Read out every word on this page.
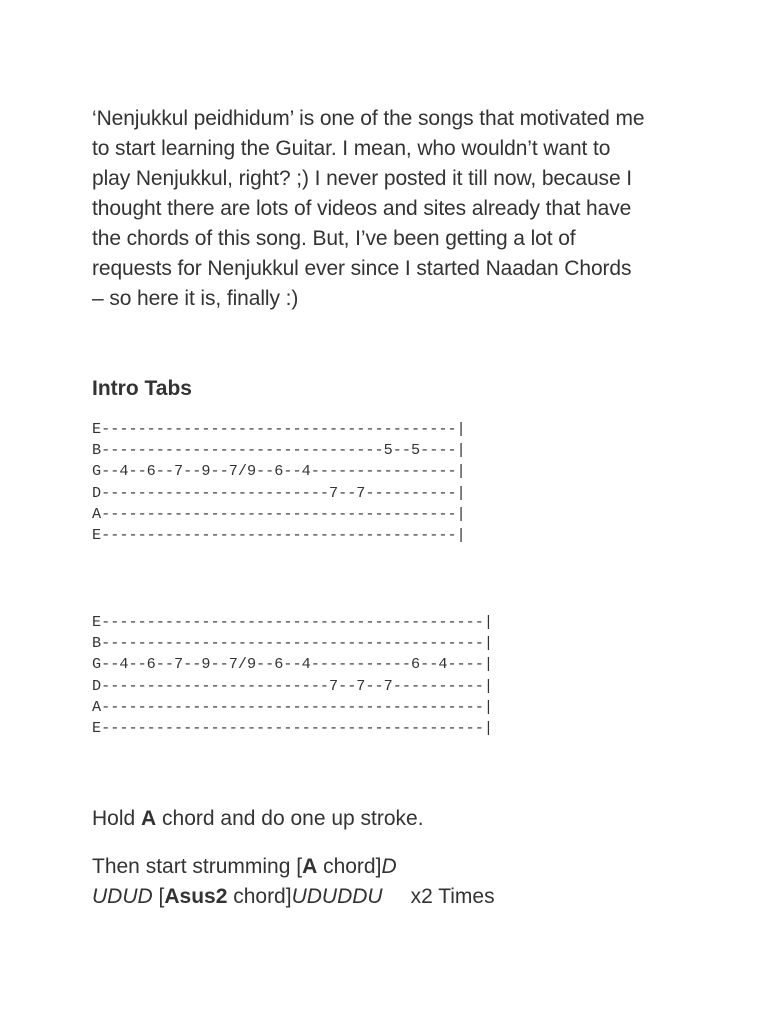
‘Nenjukkul peidhidum’ is one of the songs that motivated me
to start learning the Guitar. I mean, who wouldn’t want to
play Nenjukkul, right? ;) I never posted it till now, because I
thought there are lots of videos and sites already that have
the chords of this song. But, I’ve been getting a lot of
requests for Nenjukkul ever since I started Naadan Chords
– so here it is, finally :)

Intro Tabs
E---------------------------------------|
B-------------------------------5--5----|
G--4--6--7--9--7/9--6--4----------------|
D-------------------------7--7----------|
A---------------------------------------|
E---------------------------------------|
E------------------------------------------|
B------------------------------------------|
G--4--6--7--9--7/9--6--4-----------6--4----|
D-------------------------7--7--7----------|
A------------------------------------------|
E------------------------------------------|

Hold A chord and do one up stroke.

Then start strumming [A chord]D

UDUD [Asus2 chord]UDUDDU x2 Times
